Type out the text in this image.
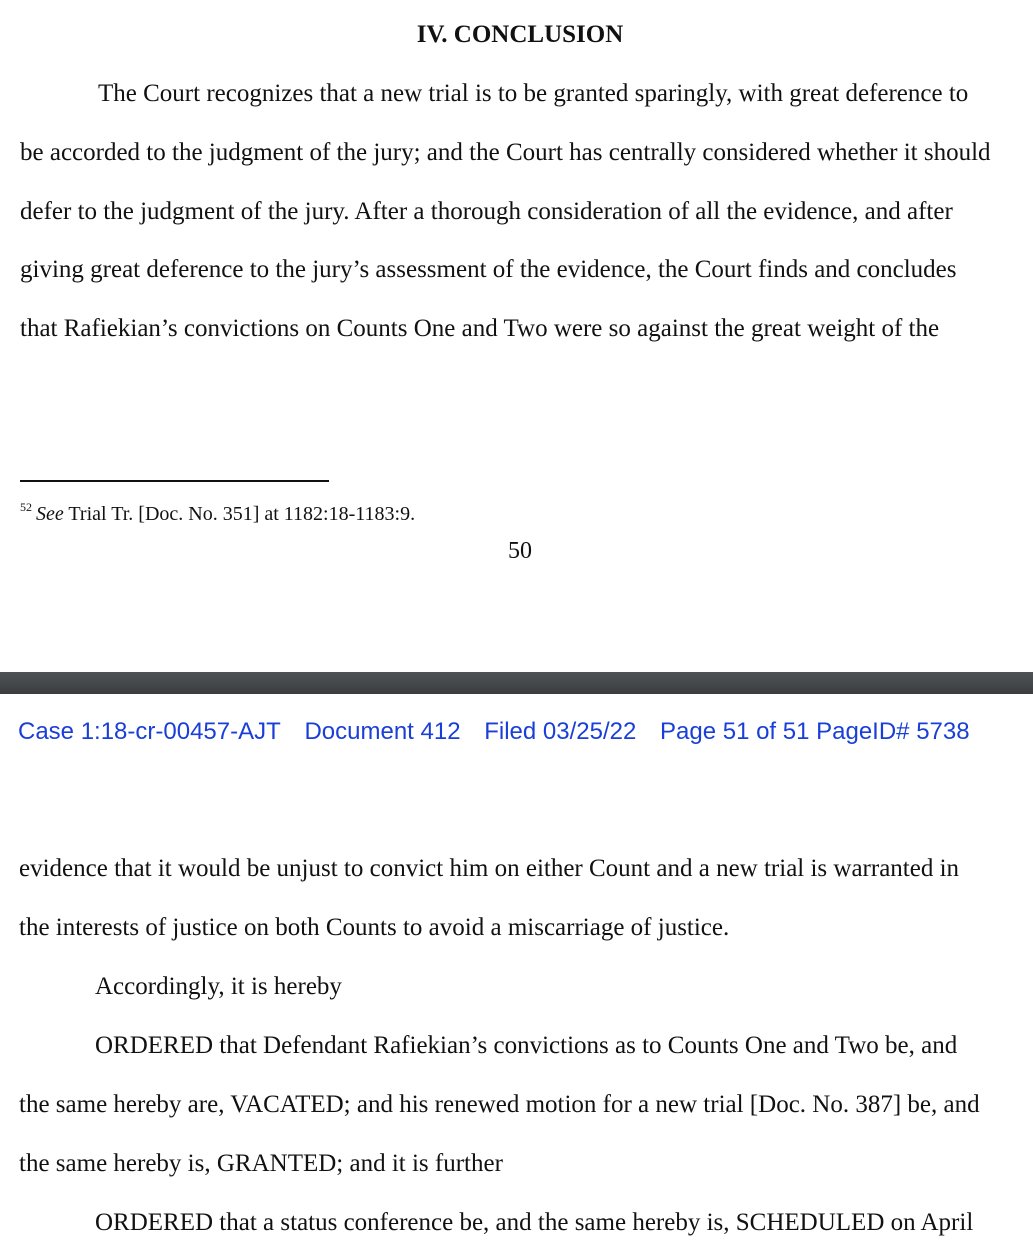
IV. CONCLUSION
The Court recognizes that a new trial is to be granted sparingly, with great deference to
be accorded to the judgment of the jury; and the Court has centrally considered whether it should
defer to the judgment of the jury. After a thorough consideration of all the evidence, and after
giving great deference to the jury’s assessment of the evidence, the Court finds and concludes
that Rafiekian’s convictions on Counts One and Two were so against the great weight of the
$^{52}$ See Trial Tr. [Doc. No. 351] at 1182:18-1183:9.
50
Case 1:18-cr-00457-AJT Document 412 Filed 03/25/22 Page 51 of 51 PageID# 5738
evidence that it would be unjust to convict him on either Count and a new trial is warranted in
the interests of justice on both Counts to avoid a miscarriage of justice.
Accordingly, it is hereby
ORDERED that Defendant Rafiekian’s convictions as to Counts One and Two be, and
the same hereby are, VACATED; and his renewed motion for a new trial [Doc. No. 387] be, and
the same hereby is, GRANTED; and it is further
ORDERED that a status conference be, and the same hereby is, SCHEDULED on April
